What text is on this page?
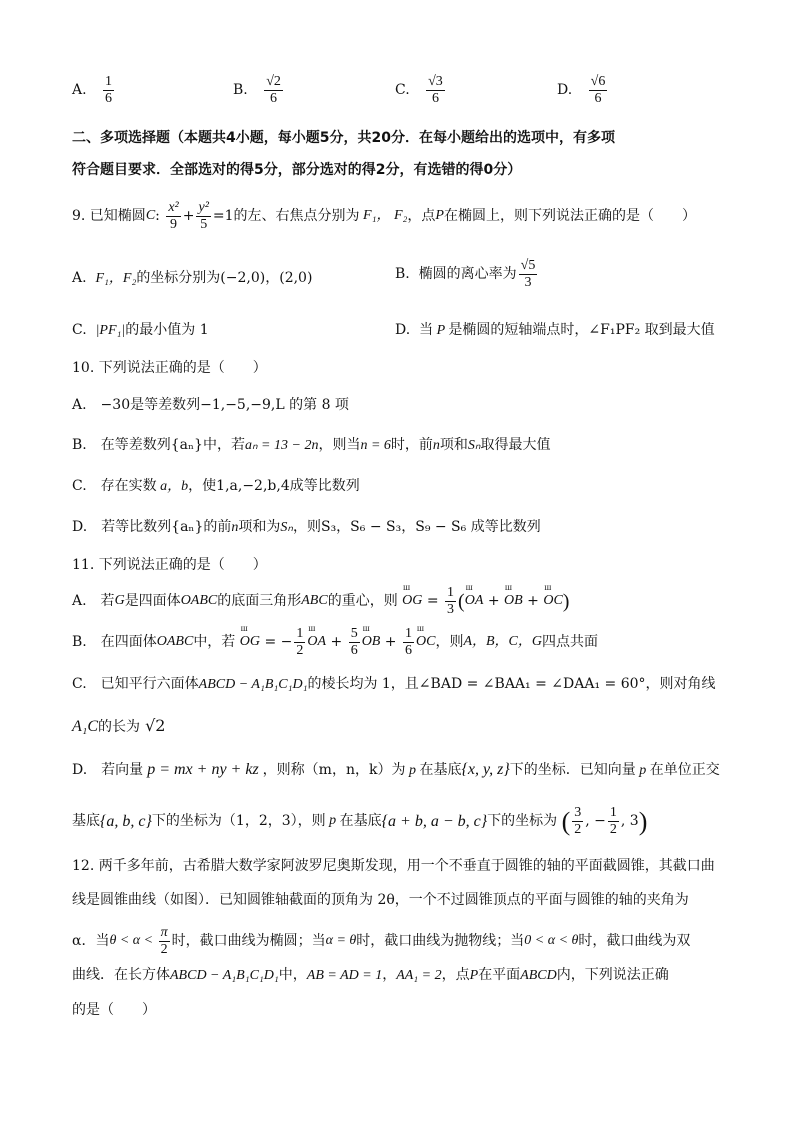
A. $\frac{1}{6}$	B. $\frac{√2}{6}$	C. $\frac{√3}{6}$	D. $\frac{√6}{6}$
二、多项选择题（本题共4小题，每小题5分，共20分．在每小题给出的选项中，有多项
符合题目要求．全部选对的得5分，部分选对的得2分，有选错的得0分）
9. 已知椭圆C: $\frac{\text{x²}}{9} + \frac{\text{y²}}{5} =1$的左、右焦点分别为 F₁， F₂，点P在椭圆上，则下列说法正确的是（　　）
A. F₁，F₂的坐标分别为(−2,0)，(2,0)	B. 椭圆的离心率为 $\frac{√5}{3}$
C. |PF₁|的最小值为 1	D. 当 P 是椭圆的短轴端点时，∠F₁PF₂ 取到最大值
10. 下列说法正确的是（　　）
A.　−30是等差数列−1,−5,−9,L 的第 8 项
B.　在等差数列{aₙ}中，若aₙ = 13 − 2n，则当n = 6时，前n项和Sₙ取得最大值
C.　存在实数 a，b，使1,a,−2,b,4成等比数列
D.　若等比数列{aₙ}的前n项和为Sₙ，则S₃，S₆ − S₃，S₉ − S₆ 成等比数列
11. 下列说法正确的是（　　）
A.　若G是四面体OABC的底面三角形ABC的重心，则 ш OG = $\frac{1}{3} (ш$ OA + ш OB + ш OC)
B.　在四面体OABC中，若 ш OG = − $\frac{1}{2}$ ш OA + $\frac{5}{6}$ ш OB + $\frac{1}{6}$ ш OC，则A，B，C，G四点共面
C.　已知平行六面体ABCD − A₁B₁C₁D₁的棱长均为 1，且∠BAD = ∠BAA₁ = ∠DAA₁ = 60°，则对角线
A₁C的长为 √2
D.　若向量 p = mx + ny + kz ，则称（m，n，k）为 p 在基底{x, y, z}下的坐标．已知向量 p 在单位正交
基底{a, b, c}下的坐标为（1，2，3），则 p 在基底{a + b, a − b, c}下的坐标为 ( $\frac{3}{2}$ , − $\frac{1}{2}$ , 3)
12. 两千多年前，古希腊大数学家阿波罗尼奥斯发现，用一个不垂直于圆锥的轴的平面截圆锥，其截口曲
线是圆锥曲线（如图）．已知圆锥轴截面的顶角为 2θ，一个不过圆锥顶点的平面与圆锥的轴的夹角为
α．当$\theta < \alpha < \frac{\pi}{2}$ 时，截口曲线为椭圆；当α = θ时，截口曲线为抛物线；当0 < α < θ时，截口曲线为双
曲线．在长方体ABCD − A₁B₁C₁D₁中，AB = AD = 1，AA₁ = 2，点P在平面ABCD内，下列说法正确
的是（　　）
